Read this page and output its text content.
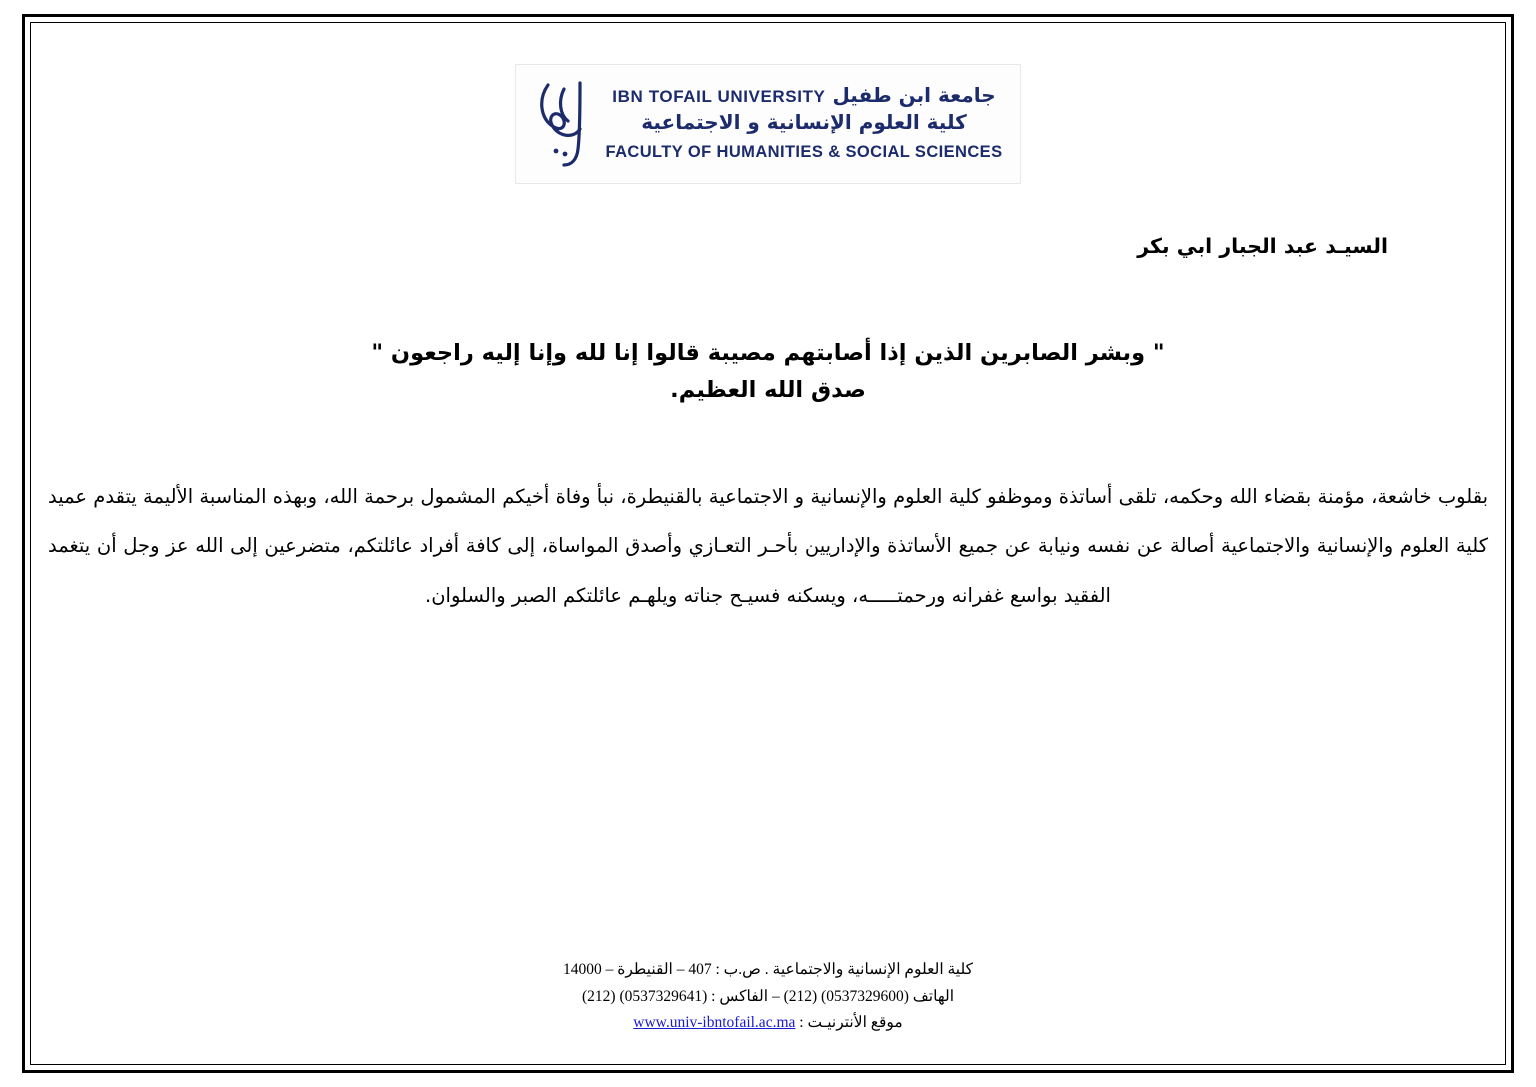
جامعة ابن طفيل IBN TOFAIL UNIVERSITY
كلية العلوم الإنسانية و الاجتماعية
FACULTY OF HUMANITIES & SOCIAL SCIENCES
السيـد عبد الجبار ابي بكر
" وبشر الصابرين الذين إذا أصابتهم مصيبة قالوا إنا لله وإنا إليه راجعون "
صدق الله العظيم.

بقلوب خاشعة، مؤمنة بقضاء الله وحكمه، تلقى أساتذة وموظفو كلية العلوم والإنسانية و الاجتماعية بالقنيطرة، نبأ وفاة أخيكم المشمول برحمة الله، وبهذه المناسبة الأليمة يتقدم عميد كلية العلوم والإنسانية والاجتماعية أصالة عن نفسه ونيابة عن جميع الأساتذة والإداريين بأحـر التعـازي وأصدق المواساة، إلى كافة أفراد عائلتكم، متضرعين إلى الله عز وجل أن يتغمد الفقيد بواسع غفرانه ورحمتـــــه، ويسكنه فسيـح جناته ويلهـم عائلتكم الصبر والسلوان.

كلية العلوم الإنسانية والاجتماعية . ص.ب : 407 – القنيطرة – 14000
الهاتف (0537329600) (212) – الفاكس : (0537329641) (212)
موقع الأنترنيـت : www.univ-ibntofail.ac.ma
